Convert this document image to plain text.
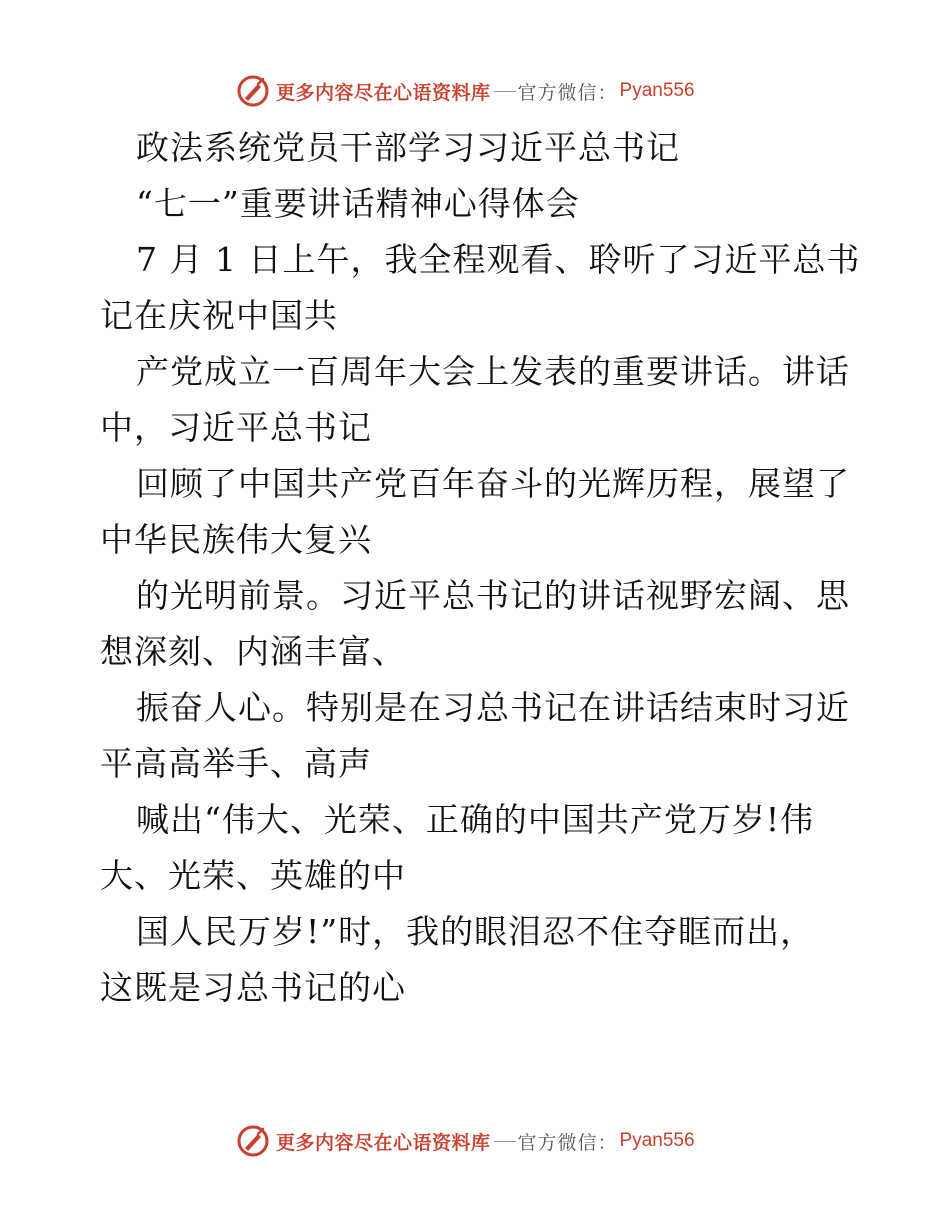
更多内容尽在心语资料库 官方微信： Pyan556
政法系统党员干部学习习近平总书记
“七一”重要讲话精神心得体会
7 月 1 日上午，我全程观看、聆听了习近平总书
记在庆祝中国共
产党成立一百周年大会上发表的重要讲话。讲话
中，习近平总书记
回顾了中国共产党百年奋斗的光辉历程，展望了
中华民族伟大复兴
的光明前景。习近平总书记的讲话视野宏阔、思
想深刻、内涵丰富、
振奋人心。特别是在习总书记在讲话结束时习近
平高高举手、高声
喊出“伟大、光荣、正确的中国共产党万岁!伟
大、光荣、英雄的中
国人民万岁!”时，我的眼泪忍不住夺眶而出，
这既是习总书记的心
更多内容尽在心语资料库 官方微信： Pyan556
